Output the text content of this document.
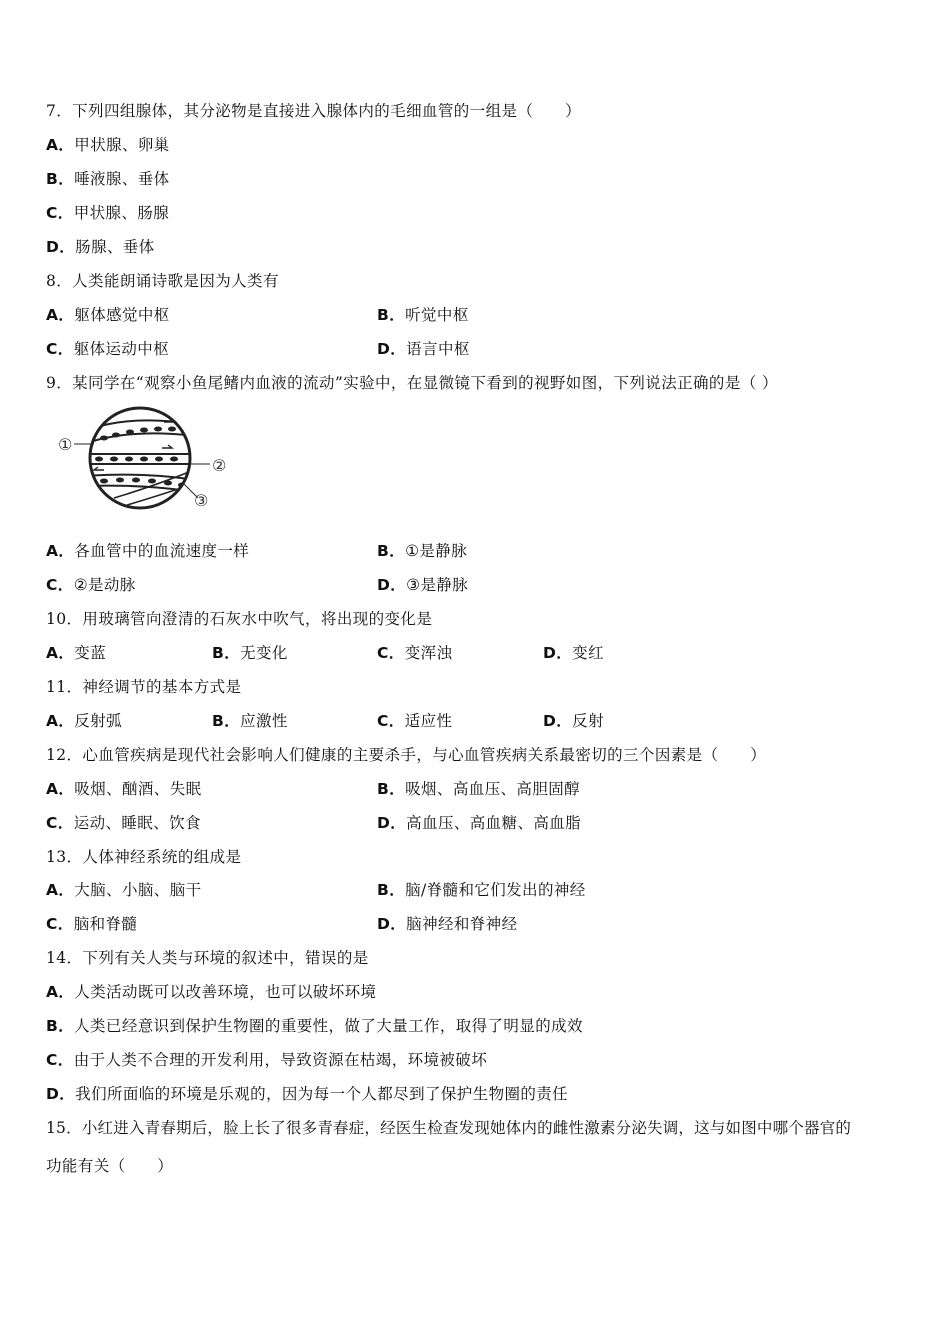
7．下列四组腺体，其分泌物是直接进入腺体内的毛细血管的一组是（　　）
A．甲状腺、卵巢
B．唾液腺、垂体
C．甲状腺、肠腺
D．肠腺、垂体
8．人类能朗诵诗歌是因为人类有
A．躯体感觉中枢	B．听觉中枢
C．躯体运动中枢	D．语言中枢
9．某同学在“观察小鱼尾鳍内血液的流动”实验中，在显微镜下看到的视野如图，下列说法正确的是（ ）
①
②
③
A．各血管中的血流速度一样	B．①是静脉
C．②是动脉	D．③是静脉
10．用玻璃管向澄清的石灰水中吹气，将出现的变化是
A．变蓝	B．无变化	C．变浑浊	D．变红
11．神经调节的基本方式是
A．反射弧	B．应激性	C．适应性	D．反射
12．心血管疾病是现代社会影响人们健康的主要杀手，与心血管疾病关系最密切的三个因素是（　　）
A．吸烟、酗酒、失眠	B．吸烟、高血压、高胆固醇
C．运动、睡眠、饮食	D．高血压、高血糖、高血脂
13．人体神经系统的组成是
A．大脑、小脑、脑干	B．脑/脊髓和它们发出的神经
C．脑和脊髓	D．脑神经和脊神经
14．下列有关人类与环境的叙述中，错误的是
A．人类活动既可以改善环境，也可以破坏环境
B．人类已经意识到保护生物圈的重要性，做了大量工作，取得了明显的成效
C．由于人类不合理的开发利用，导致资源在枯竭，环境被破坏
D．我们所面临的环境是乐观的，因为每一个人都尽到了保护生物圈的责任
15．小红进入青春期后，脸上长了很多青春症，经医生检查发现她体内的雌性激素分泌失调，这与如图中哪个器官的
功能有关（　　）
